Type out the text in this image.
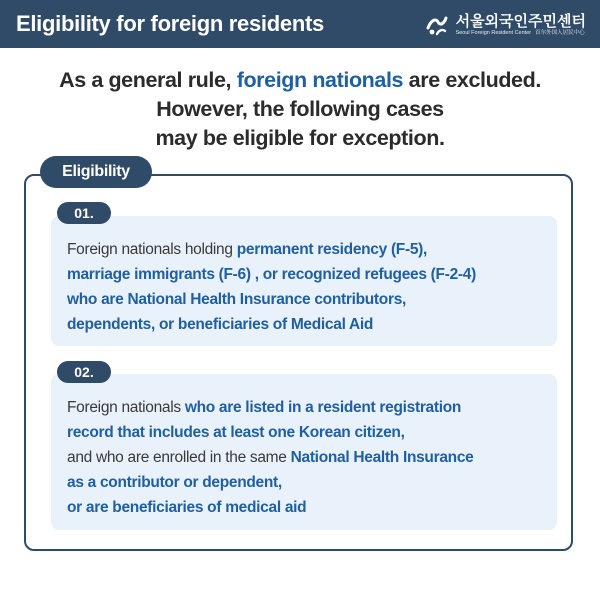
Eligibility for foreign residents	서울외국인주민센터
Seoul Foreign Resident Center 首尔外国人居民中心
As a general rule, foreign nationals are excluded.
However, the following cases
may be eligible for exception.
Eligibility
Foreign nationals holding permanent residency (F-5),
marriage immigrants (F-6) , or recognized refugees (F-2-4)
who are National Health Insurance contributors,
dependents, or beneficiaries of Medical Aid
01.
Foreign nationals who are listed in a resident registration
record that includes at least one Korean citizen,
and who are enrolled in the same National Health Insurance
as a contributor or dependent,
or are beneficiaries of medical aid
02.
